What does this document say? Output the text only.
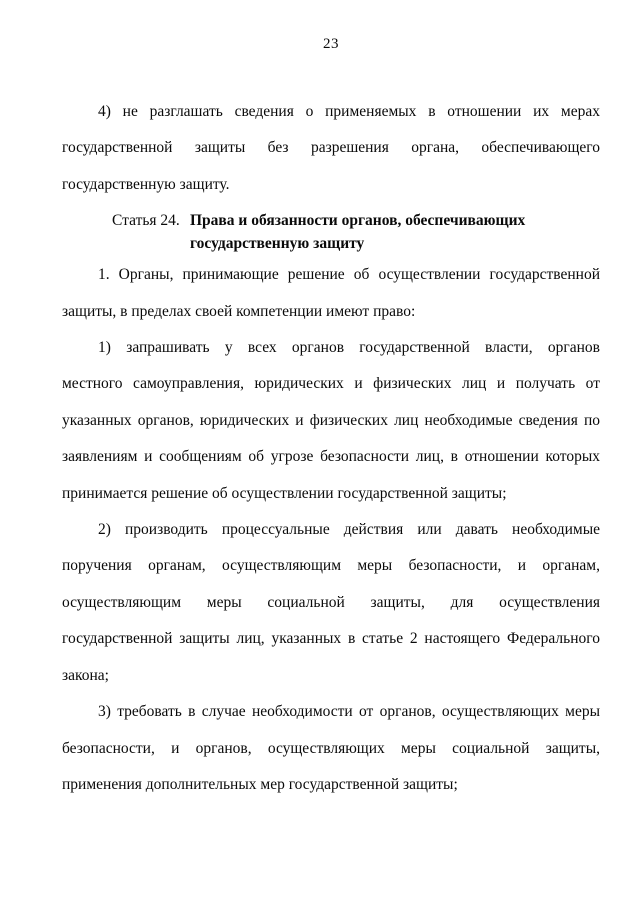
23
4) не разглашать сведения о применяемых в отношении их мерах
государственной защиты без разрешения органа, обеспечивающего
государственную защиту.
Статья 24. Права и обязанности органов, обеспечивающих
государственную защиту
1. Органы, принимающие решение об осуществлении государственной
защиты, в пределах своей компетенции имеют право:
1) запрашивать у всех органов государственной власти, органов
местного самоуправления, юридических и физических лиц и получать от
указанных органов, юридических и физических лиц необходимые сведения по
заявлениям и сообщениям об угрозе безопасности лиц, в отношении которых
принимается решение об осуществлении государственной защиты;
2) производить процессуальные действия или давать необходимые
поручения органам, осуществляющим меры безопасности, и органам,
осуществляющим меры социальной защиты, для осуществления
государственной защиты лиц, указанных в статье 2 настоящего Федерального
закона;
3) требовать в случае необходимости от органов, осуществляющих меры
безопасности, и органов, осуществляющих меры социальной защиты,
применения дополнительных мер государственной защиты;
